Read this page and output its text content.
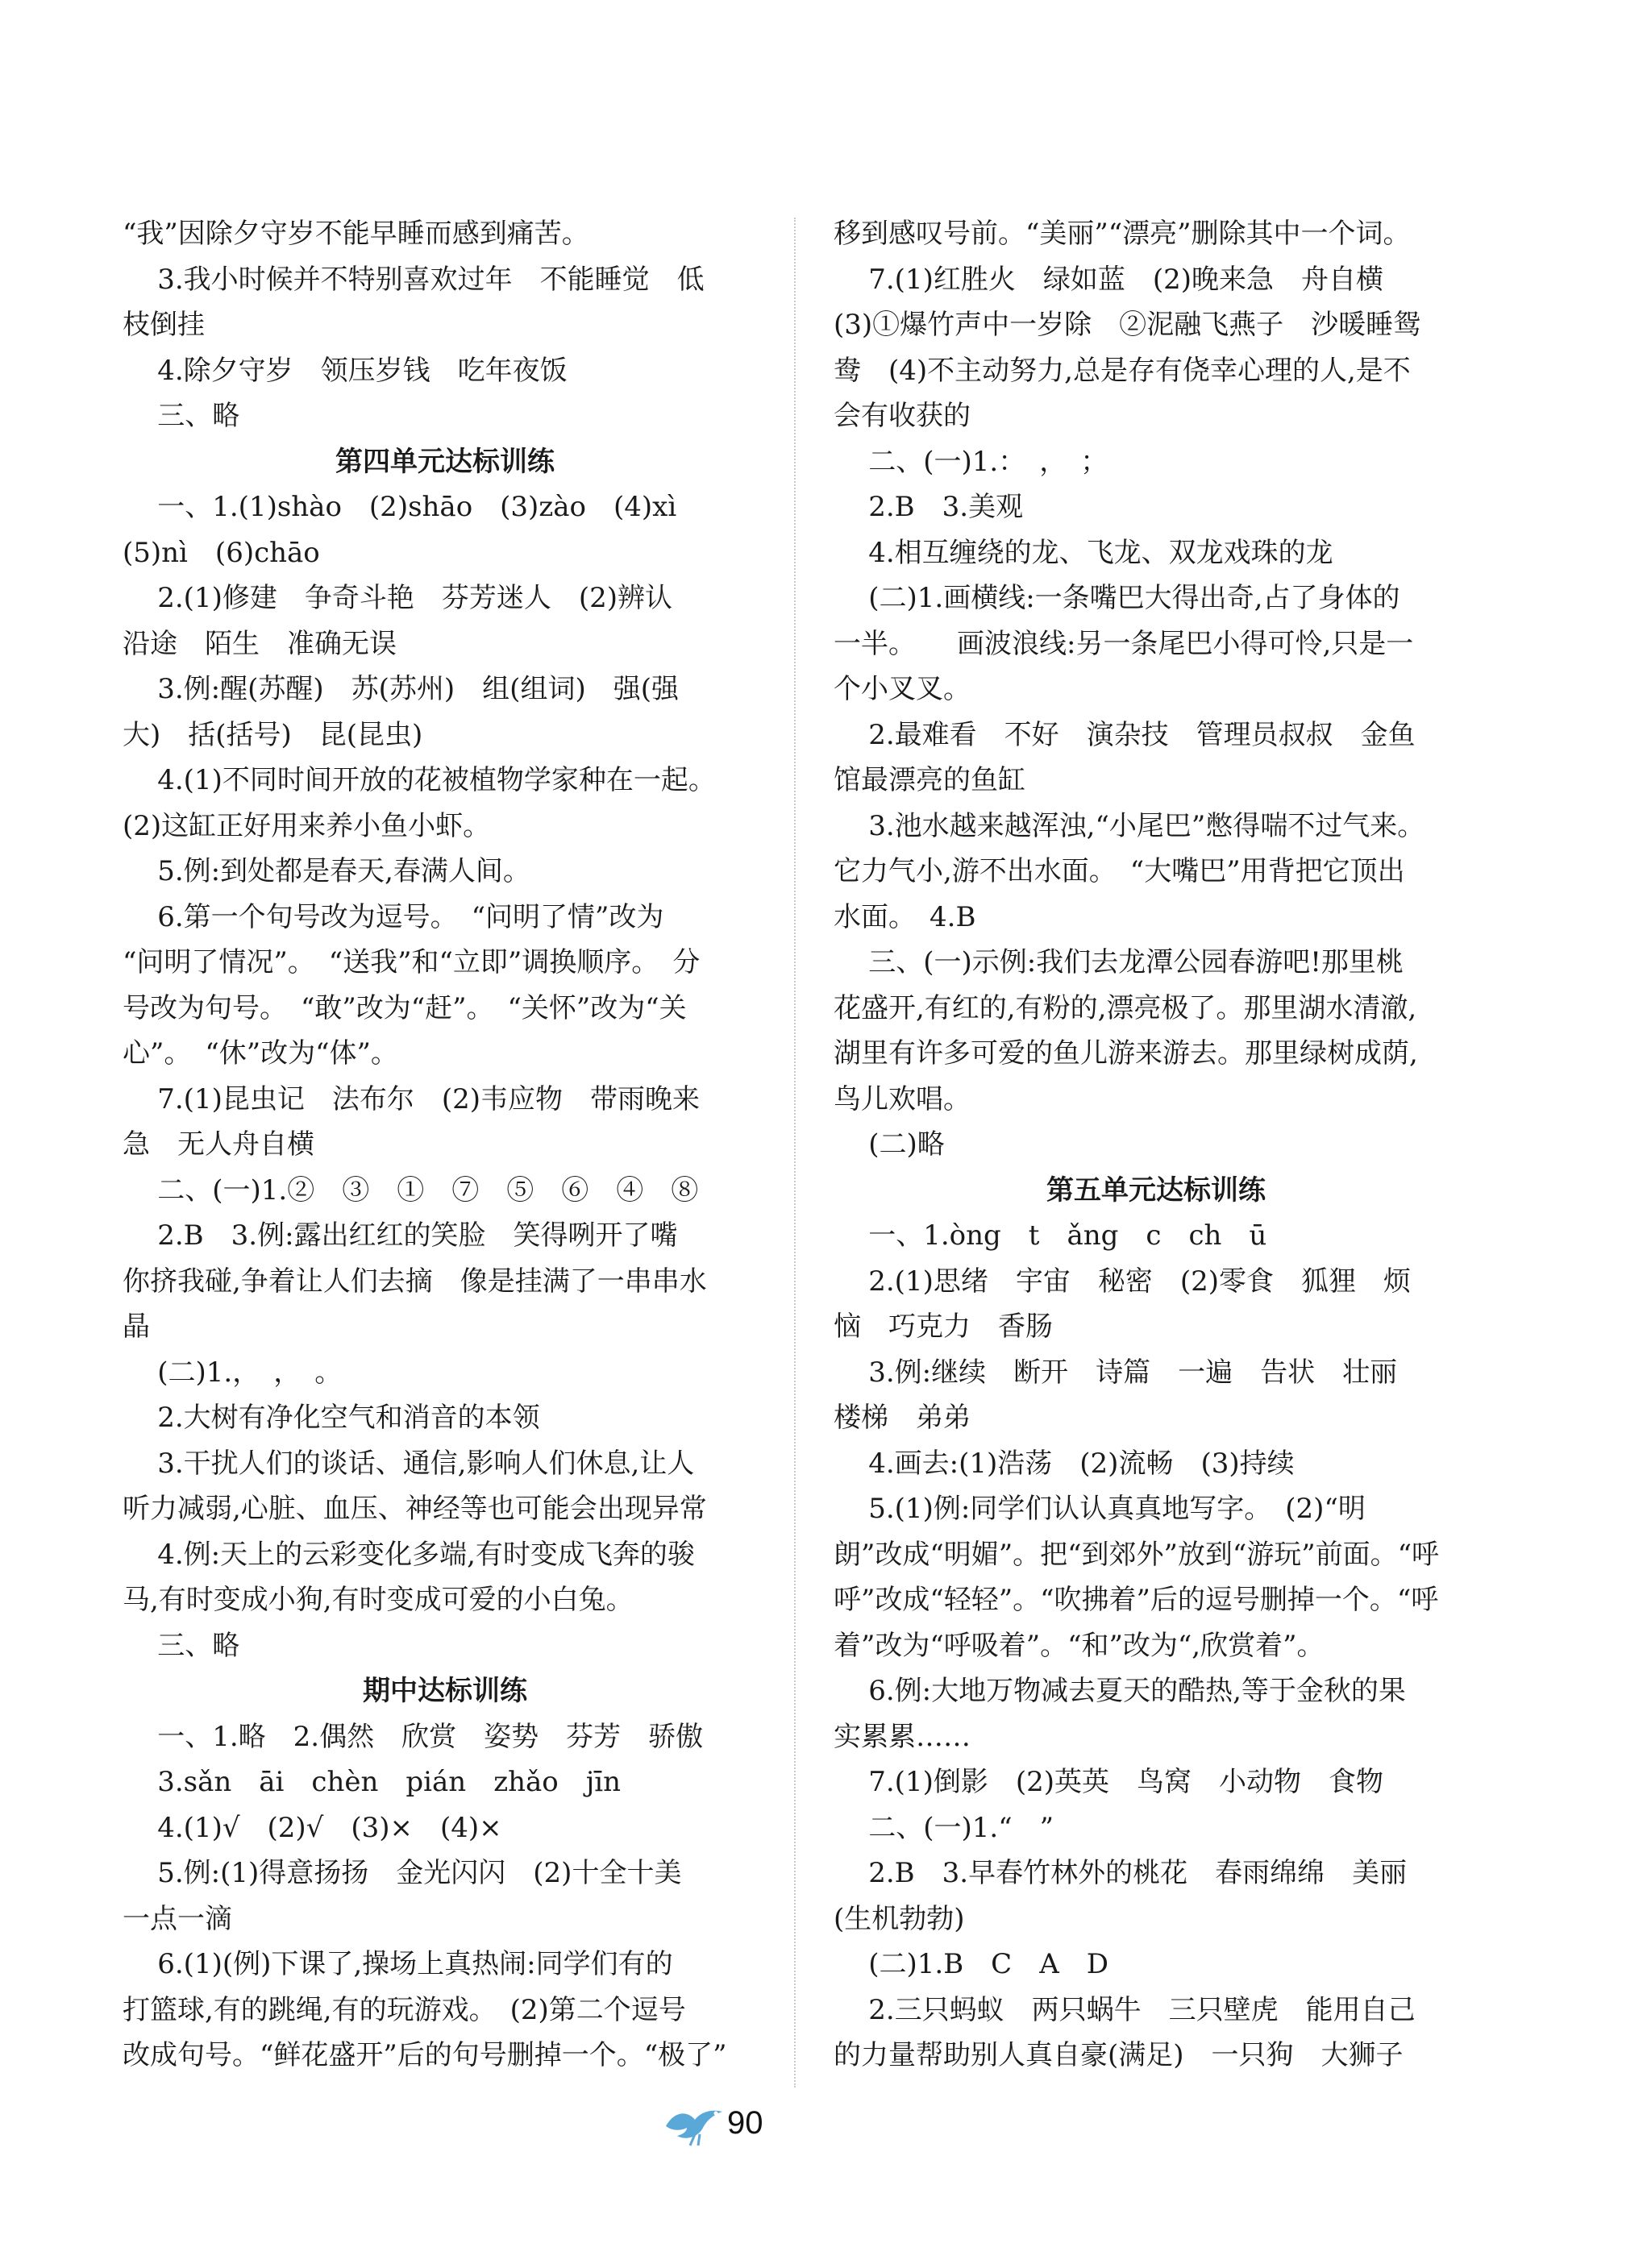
“我”因除夕守岁不能早睡而感到痛苦。
3.我小时候并不特别喜欢过年　不能睡觉　低
枝倒挂
4.除夕守岁　领压岁钱　吃年夜饭
三、略
第四单元达标训练
一、1.(1)shào　(2)shāo　(3)zào　(4)xì
(5)nì　(6)chāo
2.(1)修建　争奇斗艳　芬芳迷人　(2)辨认
沿途　陌生　准确无误
3.例:醒(苏醒)　苏(苏州)　组(组词)　强(强
大)　括(括号)　昆(昆虫)
4.(1)不同时间开放的花被植物学家种在一起。
(2)这缸正好用来养小鱼小虾。
5.例:到处都是春天,春满人间。
6.第一个句号改为逗号。　“问明了情”改为
“问明了情况”。　“送我”和“立即”调换顺序。　分
号改为句号。　“敢”改为“赶”。　“关怀”改为“关
心”。　“休”改为“体”。
7.(1)昆虫记　法布尔　(2)韦应物　带雨晚来
急　无人舟自横
二、(一)1.②　③　①　⑦　⑤　⑥　④　⑧
2.B　3.例:露出红红的笑脸　笑得咧开了嘴
你挤我碰,争着让人们去摘　像是挂满了一串串水
晶
(二)1.，　，　。
2.大树有净化空气和消音的本领
3.干扰人们的谈话、通信,影响人们休息,让人
听力减弱,心脏、血压、神经等也可能会出现异常
4.例:天上的云彩变化多端,有时变成飞奔的骏
马,有时变成小狗,有时变成可爱的小白兔。
三、略
期中达标训练
一、1.略　2.偶然　欣赏　姿势　芬芳　骄傲
3.sǎn　āi　chèn　pián　zhǎo　jīn
4.(1)√　(2)√　(3)×　(4)×
5.例:(1)得意扬扬　金光闪闪　(2)十全十美
一点一滴
6.(1)(例)下课了,操场上真热闹:同学们有的
打篮球,有的跳绳,有的玩游戏。　(2)第二个逗号
改成句号。“鲜花盛开”后的句号删掉一个。“极了”
移到感叹号前。“美丽”“漂亮”删除其中一个词。
7.(1)红胜火　绿如蓝　(2)晚来急　舟自横
(3)①爆竹声中一岁除　②泥融飞燕子　沙暖睡鸳
鸯　(4)不主动努力,总是存有侥幸心理的人,是不
会有收获的
二、(一)1.：　，　；
2.B　3.美观
4.相互缠绕的龙、飞龙、双龙戏珠的龙
(二)1.画横线:一条嘴巴大得出奇,占了身体的
一半。　　画波浪线:另一条尾巴小得可怜,只是一
个小叉叉。
2.最难看　不好　演杂技　管理员叔叔　金鱼
馆最漂亮的鱼缸
3.池水越来越浑浊,“小尾巴”憋得喘不过气来。
它力气小,游不出水面。　“大嘴巴”用背把它顶出
水面。　4.B
三、(一)示例:我们去龙潭公园春游吧!那里桃
花盛开,有红的,有粉的,漂亮极了。那里湖水清澈,
湖里有许多可爱的鱼儿游来游去。那里绿树成荫,
鸟儿欢唱。
(二)略
第五单元达标训练
一、1.òng　t　ǎng　c　ch　ū
2.(1)思绪　宇宙　秘密　(2)零食　狐狸　烦
恼　巧克力　香肠
3.例:继续　断开　诗篇　一遍　告状　壮丽
楼梯　弟弟
4.画去:(1)浩荡　(2)流畅　(3)持续
5.(1)例:同学们认认真真地写字。　(2)“明
朗”改成“明媚”。把“到郊外”放到“游玩”前面。“呼
呼”改成“轻轻”。“吹拂着”后的逗号删掉一个。“呼
着”改为“呼吸着”。“和”改为“,欣赏着”。
6.例:大地万物减去夏天的酷热,等于金秋的果
实累累……
7.(1)倒影　(2)英英　鸟窝　小动物　食物
二、(一)1.“　”
2.B　3.早春竹林外的桃花　春雨绵绵　美丽
(生机勃勃)
(二)1.B　C　A　D
2.三只蚂蚁　两只蜗牛　三只壁虎　能用自己
的力量帮助别人真自豪(满足)　一只狗　大狮子
90
